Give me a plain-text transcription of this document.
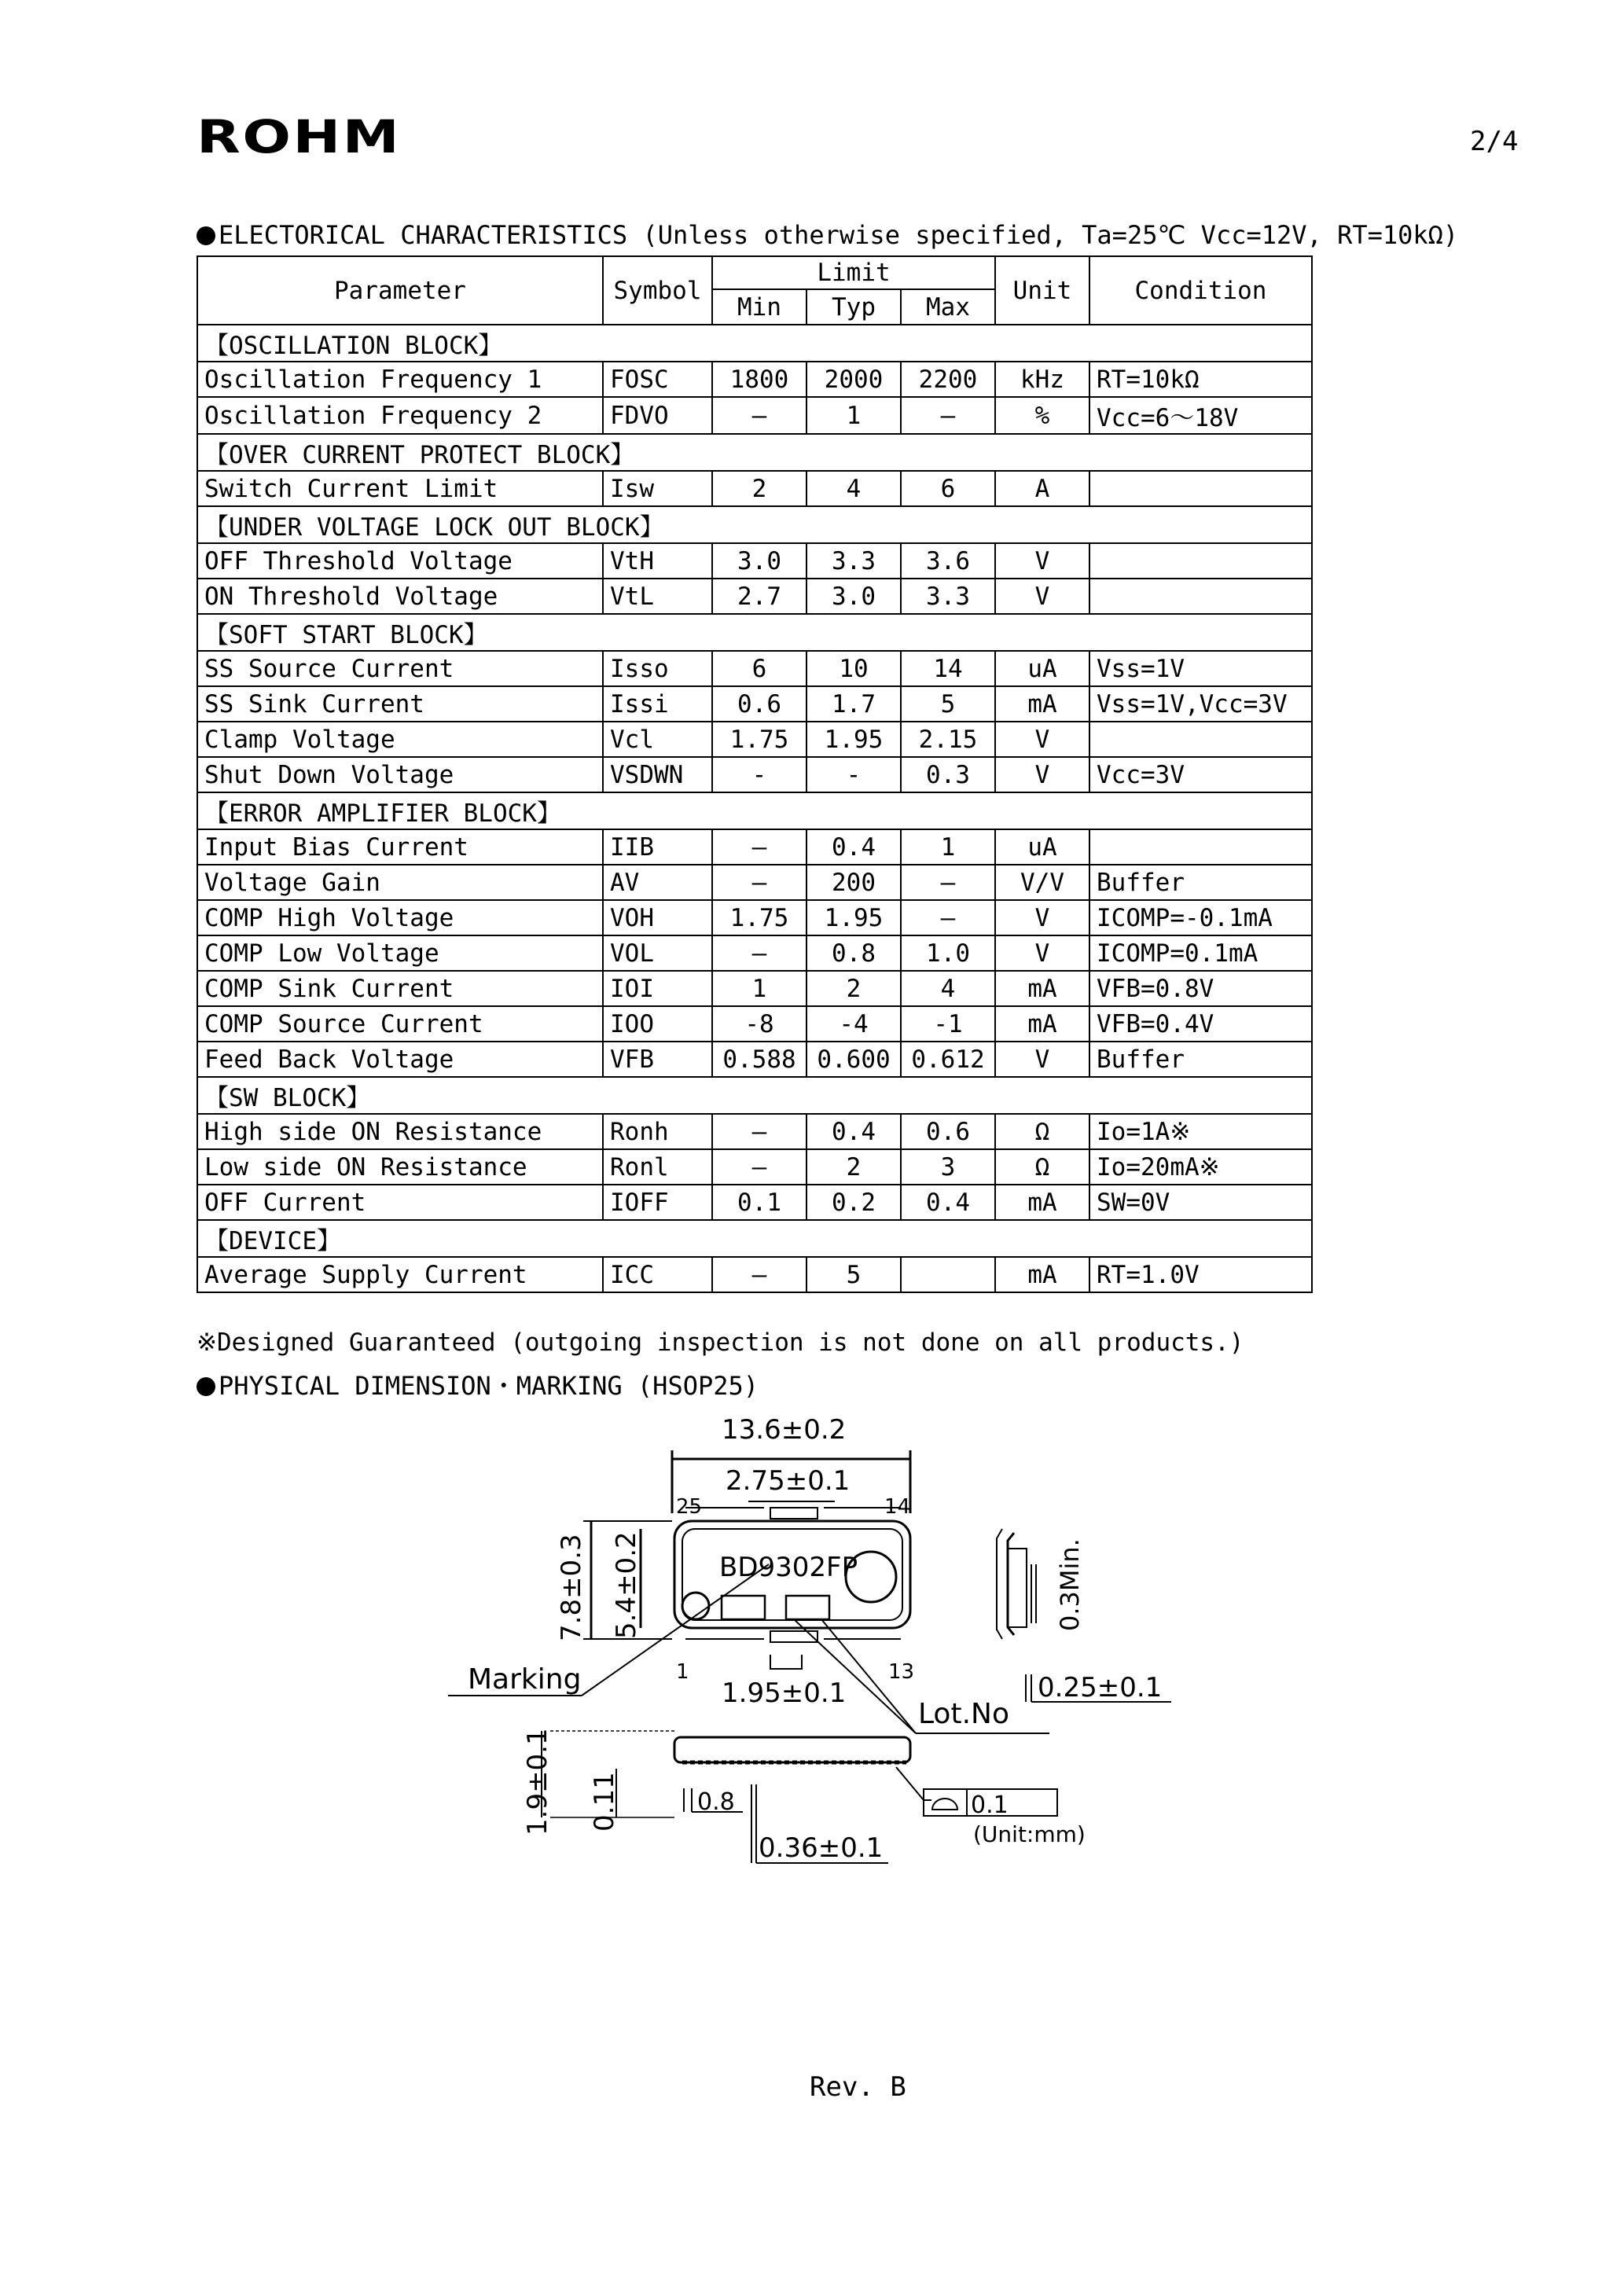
ROHM	2/4
ELECTORICAL CHARACTERISTICS (Unless otherwise specified, Ta=25℃ Vcc=12V, RT=10kΩ)
Parameter	Symbol	Limit			Unit	Condition
		Min	Typ	Max		
【OSCILLATION BLOCK】						
Oscillation Frequency 1	FOSC	1800	2000	2200	kHz	RT=10kΩ
Oscillation Frequency 2	FDVO	—	1	—	%	Vcc=6～18V
【OVER CURRENT PROTECT BLOCK】						
Switch Current Limit	Isw	2	4	6	A	
【UNDER VOLTAGE LOCK OUT BLOCK】						
OFF Threshold Voltage	VtH	3.0	3.3	3.6	V	
ON Threshold Voltage	VtL	2.7	3.0	3.3	V	
【SOFT START BLOCK】						
SS Source Current	Isso	6	10	14	uA	Vss=1V
SS Sink Current	Issi	0.6	1.7	5	mA	Vss=1V,Vcc=3V
Clamp Voltage	Vcl	1.75	1.95	2.15	V	
Shut Down Voltage	VSDWN	-	-	0.3	V	Vcc=3V
【ERROR AMPLIFIER BLOCK】						
Input Bias Current	IIB	—	0.4	1	uA	
Voltage Gain	AV	—	200	—	V/V	Buffer
COMP High Voltage	VOH	1.75	1.95	—	V	ICOMP=-0.1mA
COMP Low Voltage	VOL	—	0.8	1.0	V	ICOMP=0.1mA
COMP Sink Current	IOI	1	2	4	mA	VFB=0.8V
COMP Source Current	IOO	-8	-4	-1	mA	VFB=0.4V
Feed Back Voltage	VFB	0.588	0.600	0.612	V	Buffer
【SW BLOCK】						
High side ON Resistance	Ronh	—	0.4	0.6	Ω	Io=1A※
Low side ON Resistance	Ronl	—	2	3	Ω	Io=20mA※
OFF Current	IOFF	0.1	0.2	0.4	mA	SW=0V
【DEVICE】						
Average Supply Current	ICC	—	5		mA	RT=1.0V
※Designed Guaranteed (outgoing inspection is not done on all products.)
PHYSICAL DIMENSION・MARKING (HSOP25)
13.6±0.2
2.75±0.1
25	14
BD9302FP
1	13
Marking	1.95±0.1
Lot.No
0.25±0.1
(Unit:mm)
0.1
0.8
0.36±0.1
7.8±0.3 5.4±0.2	0.3Min.
1.9±0.1 0.11
Rev. B
